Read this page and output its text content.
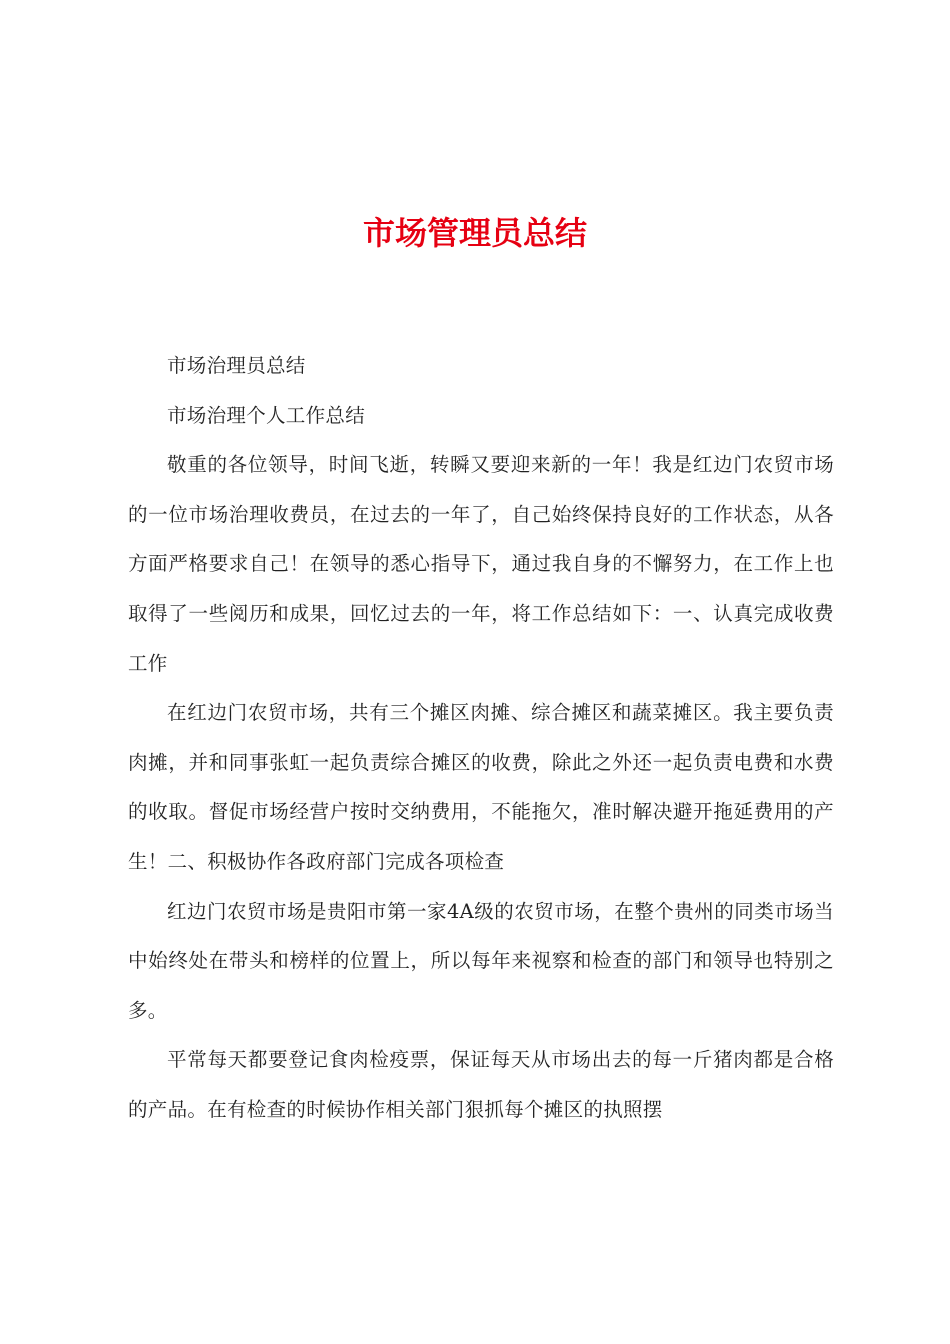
市场管理员总结

市场治理员总结

市场治理个人工作总结

敬重的各位领导，时间飞逝，转瞬又要迎来新的一年！我是红边门农贸市场的一位市场治理收费员，在过去的一年了，自己始终保持良好的工作状态，从各方面严格要求自己！在领导的悉心指导下，通过我自身的不懈努力，在工作上也取得了一些阅历和成果，回忆过去的一年，将工作总结如下：一、认真完成收费工作

在红边门农贸市场，共有三个摊区肉摊、综合摊区和蔬菜摊区。我主要负责肉摊，并和同事张虹一起负责综合摊区的收费，除此之外还一起负责电费和水费的收取。督促市场经营户按时交纳费用，不能拖欠，准时解决避开拖延费用的产生！二、积极协作各政府部门完成各项检查

红边门农贸市场是贵阳市第一家4A级的农贸市场，在整个贵州的同类市场当中始终处在带头和榜样的位置上，所以每年来视察和检查的部门和领导也特别之多。

平常每天都要登记食肉检疫票，保证每天从市场出去的每一斤猪肉都是合格的产品。在有检查的时候协作相关部门狠抓每个摊区的执照摆
